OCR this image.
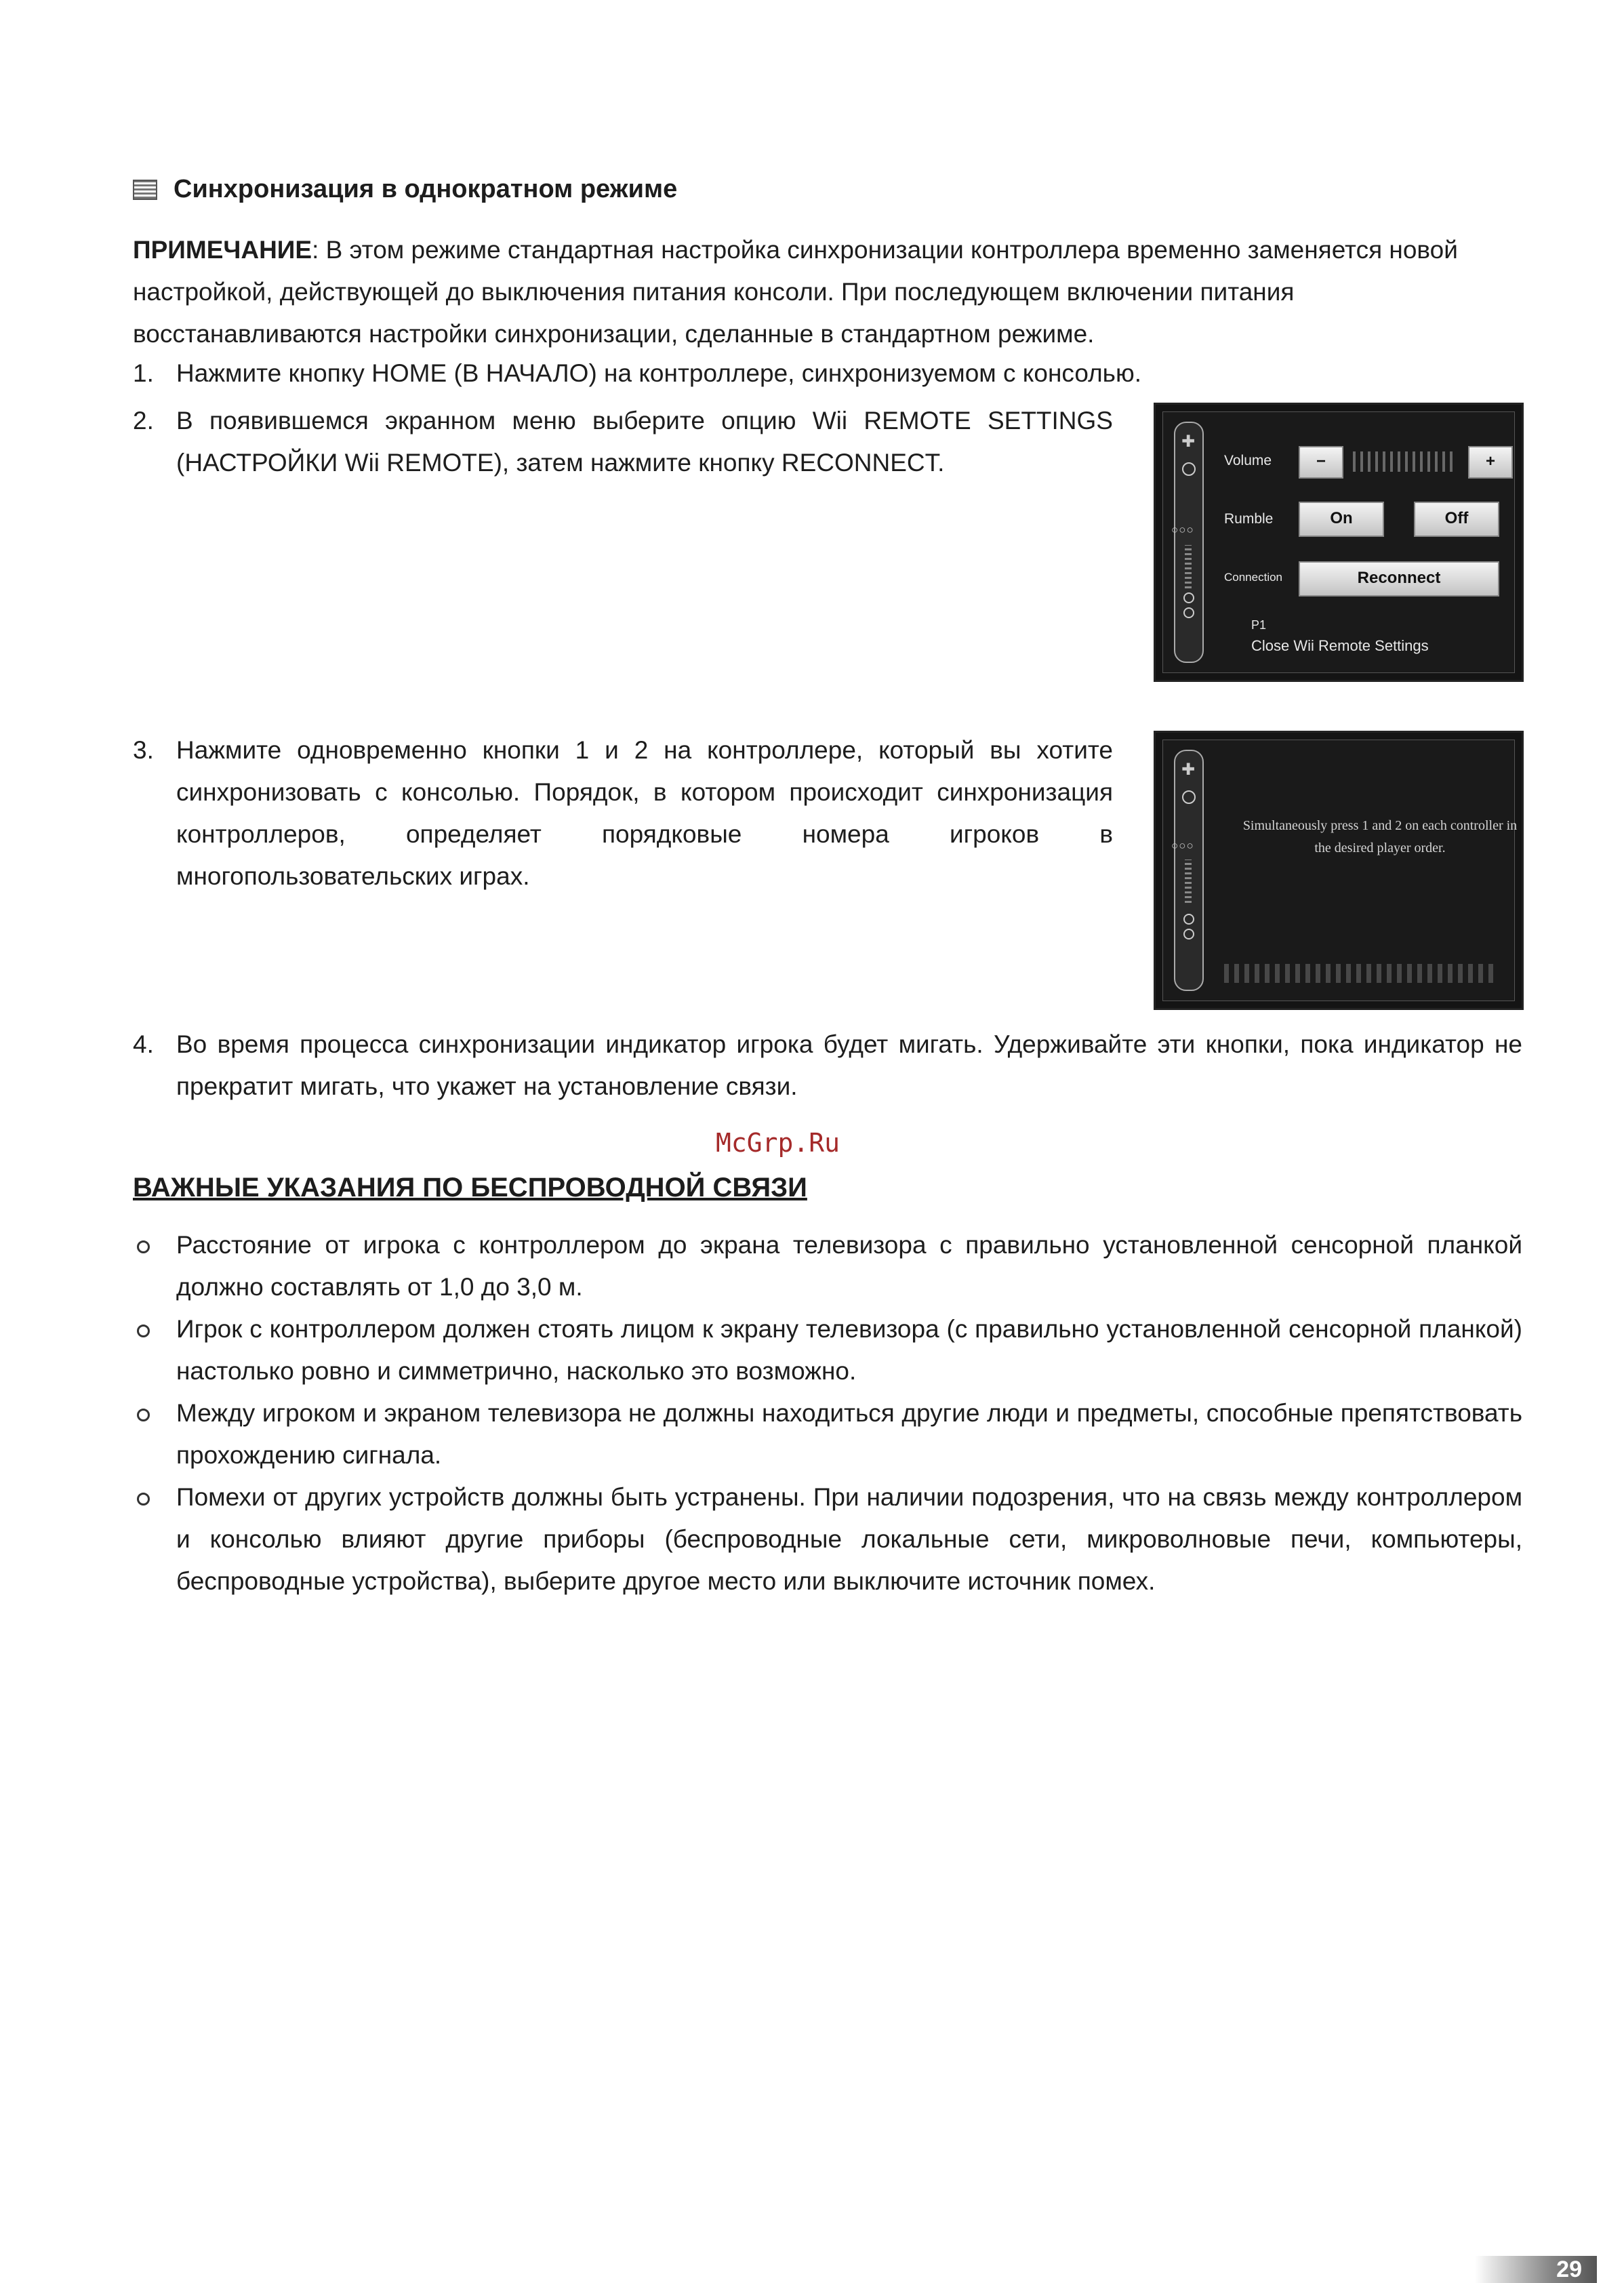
Синхронизация в однократном режиме
ПРИМЕЧАНИЕ: В этом режиме стандартная настройка синхронизации контроллера временно заменяется новой настройкой, действующей до выключения питания консоли. При последующем включении питания восстанавливаются настройки синхронизации, сделанные в стандартном режиме.
1. Нажмите кнопку HOME (В НАЧАЛО) на контроллере, синхронизуемом с консолью.
2. В появившемся экранном меню выберите опцию Wii REMOTE SETTINGS (НАСТРОЙКИ Wii REMOTE), затем нажмите кнопку RECONNECT.
✚
○○○
Volume	−	+
Rumble	On	Off
Connection	Reconnect
P1
Close Wii Remote Settings
3. Нажмите одновременно кнопки 1 и 2 на контроллере, который вы хотите синхронизовать с консолью. Порядок, в котором происходит синхронизация контроллеров, определяет порядковые номера игроков в многопользовательских играх.
✚
○○○
Simultaneously press 1 and 2 on each controller in the desired player order.
4. Во время процесса синхронизации индикатор игрока будет мигать. Удерживайте эти кнопки, пока индикатор не прекратит мигать, что укажет на установление связи.
McGrp.Ru
ВАЖНЫЕ УКАЗАНИЯ ПО БЕСПРОВОДНОЙ СВЯЗИ
Расстояние от игрока с контроллером до экрана телевизора с правильно установленной сенсорной планкой должно составлять от 1,0 до 3,0 м.
Игрок с контроллером должен стоять лицом к экрану телевизора (с правильно установленной сенсорной планкой) настолько ровно и симметрично, насколько это возможно.
Между игроком и экраном телевизора не должны находиться другие люди и предметы, способные препятствовать прохождению сигнала.
Помехи от других устройств должны быть устранены. При наличии подозрения, что на связь между контроллером и консолью влияют другие приборы (беспроводные локальные сети, микроволновые печи, компьютеры, беспроводные устройства), выберите другое место или выключите источник помех.
29
